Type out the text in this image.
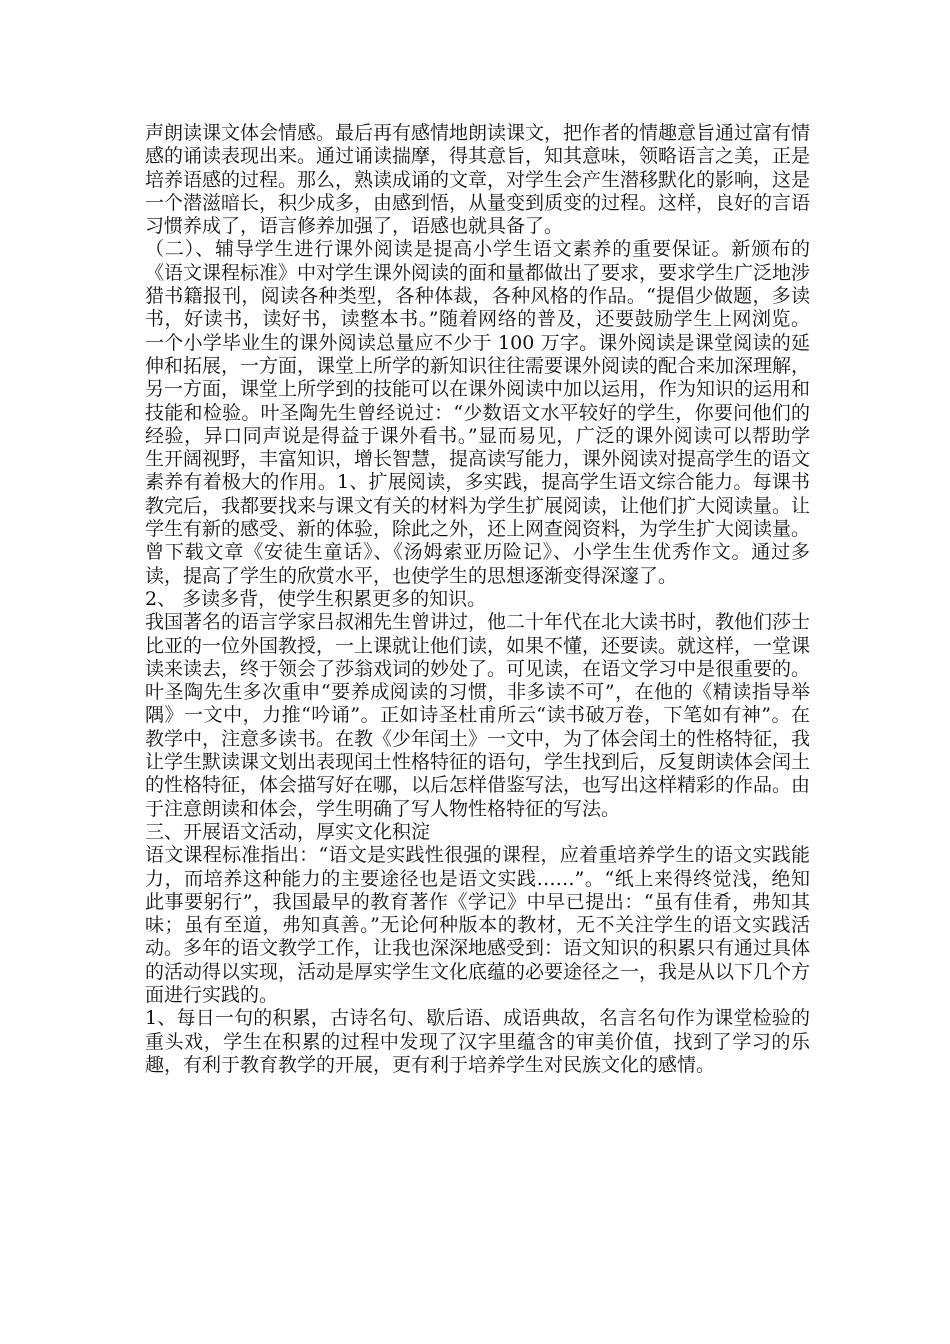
声朗读课文体会情感。最后再有感情地朗读课文，把作者的情趣意旨通过富有情感的诵读表现出来。通过诵读揣摩，得其意旨，知其意味，领略语言之美，正是培养语感的过程。那么，熟读成诵的文章，对学生会产生潜移默化的影响，这是一个潜滋暗长，积少成多，由感到悟，从量变到质变的过程。这样，良好的言语习惯养成了，语言修养加强了，语感也就具备了。

（二）、辅导学生进行课外阅读是提高小学生语文素养的重要保证。新颁布的《语文课程标准》中对学生课外阅读的面和量都做出了要求，要求学生广泛地涉猎书籍报刊，阅读各种类型，各种体裁，各种风格的作品。“提倡少做题，多读书，好读书，读好书，读整本书。”随着网络的普及，还要鼓励学生上网浏览。一个小学毕业生的课外阅读总量应不少于 100 万字。课外阅读是课堂阅读的延伸和拓展，一方面，课堂上所学的新知识往往需要课外阅读的配合来加深理解，另一方面，课堂上所学到的技能可以在课外阅读中加以运用，作为知识的运用和技能和检验。叶圣陶先生曾经说过：“少数语文水平较好的学生，你要问他们的经验，异口同声说是得益于课外看书。”显而易见，广泛的课外阅读可以帮助学生开阔视野，丰富知识，增长智慧，提高读写能力，课外阅读对提高学生的语文素养有着极大的作用。1、扩展阅读，多实践，提高学生语文综合能力。每课书教完后，我都要找来与课文有关的材料为学生扩展阅读，让他们扩大阅读量。让学生有新的感受、新的体验，除此之外，还上网查阅资料，为学生扩大阅读量。曾下载文章《安徒生童话》、《汤姆索亚历险记》、小学生生优秀作文。通过多读，提高了学生的欣赏水平，也使学生的思想逐渐变得深邃了。

2、 多读多背，使学生积累更多的知识。

我国著名的语言学家吕叔湘先生曾讲过，他二十年代在北大读书时，教他们莎士比亚的一位外国教授，一上课就让他们读，如果不懂，还要读。就这样，一堂课读来读去，终于领会了莎翁戏词的妙处了。可见读，在语文学习中是很重要的。叶圣陶先生多次重申“要养成阅读的习惯，非多读不可”，在他的《精读指导举隅》一文中，力推“吟诵”。正如诗圣杜甫所云“读书破万卷，下笔如有神”。在教学中，注意多读书。在教《少年闰土》一文中，为了体会闰土的性格特征，我让学生默读课文划出表现闰土性格特征的语句，学生找到后，反复朗读体会闰土的性格特征，体会描写好在哪，以后怎样借鉴写法，也写出这样精彩的作品。由于注意朗读和体会，学生明确了写人物性格特征的写法。

三、开展语文活动，厚实文化积淀

语文课程标准指出：“语文是实践性很强的课程，应着重培养学生的语文实践能力，而培养这种能力的主要途径也是语文实践……”。“纸上来得终觉浅，绝知此事要躬行”，我国最早的教育著作《学记》中早已提出：“虽有佳肴，弗知其味；虽有至道，弗知真善。”无论何种版本的教材，无不关注学生的语文实践活动。多年的语文教学工作，让我也深深地感受到：语文知识的积累只有通过具体的活动得以实现，活动是厚实学生文化底蕴的必要途径之一，我是从以下几个方面进行实践的。

1、每日一句的积累，古诗名句、歇后语、成语典故，名言名句作为课堂检验的重头戏，学生在积累的过程中发现了汉字里蕴含的审美价值，找到了学习的乐趣，有利于教育教学的开展，更有利于培养学生对民族文化的感情。
